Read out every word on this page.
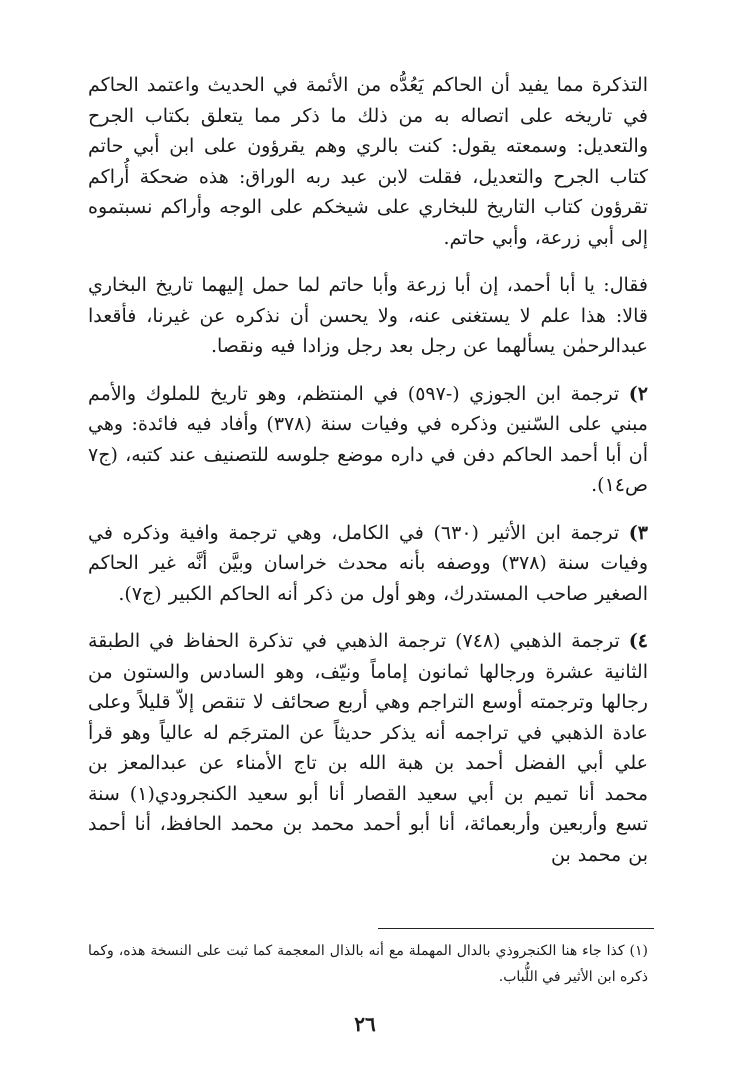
التذكرة مما يفيد أن الحاكم يَعُدُّه من الأئمة في الحديث واعتمد الحاكم في تاريخه على اتصاله به من ذلك ما ذكر مما يتعلق بكتاب الجرح والتعديل: وسمعته يقول: كنت بالري وهم يقرؤون على ابن أبي حاتم كتاب الجرح والتعديل، فقلت لابن عبد ربه الوراق: هذه ضحكة أُراكم تقرؤون كتاب التاريخ للبخاري على شيخكم على الوجه وأراكم نسبتموه إلى أبي زرعة، وأبي حاتم.

فقال: يا أبا أحمد، إن أبا زرعة وأبا حاتم لما حمل إليهما تاريخ البخاري قالا: هذا علم لا يستغنى عنه، ولا يحسن أن نذكره عن غيرنا، فأقعدا عبدالرحمٰن يسألهما عن رجل بعد رجل وزادا فيه ونقصا.

٢) ترجمة ابن الجوزي (-٥٩٧) في المنتظم، وهو تاريخ للملوك والأمم مبني على السّنين وذكره في وفيات سنة (٣٧٨) وأفاد فيه فائدة: وهي أن أبا أحمد الحاكم دفن في داره موضع جلوسه للتصنيف عند كتبه، (ج٧ ص١٤).

٣) ترجمة ابن الأثير (٦٣٠) في الكامل، وهي ترجمة وافية وذكره في وفيات سنة (٣٧٨) ووصفه بأنه محدث خراسان وبيَّن أنَّه غير الحاكم الصغير صاحب المستدرك، وهو أول من ذكر أنه الحاكم الكبير (ج٧).

٤) ترجمة الذهبي (٧٤٨) ترجمة الذهبي في تذكرة الحفاظ في الطبقة الثانية عشرة ورجالها ثمانون إماماً ونيّف، وهو السادس والستون من رجالها وترجمته أوسع التراجم وهي أربع صحائف لا تنقص إلاّ قليلاً وعلى عادة الذهبي في تراجمه أنه يذكر حديثاً عن المترجَم له عالياً وهو قرأ علي أبي الفضل أحمد بن هبة الله بن تاج الأمناء عن عبدالمعز بن محمد أنا تميم بن أبي سعيد القصار أنا أبو سعيد الكنجرودي(١) سنة تسع وأربعين وأربعمائة، أنا أبو أحمد محمد بن محمد الحافظ، أنا أحمد بن محمد بن

(١) كذا جاء هنا الكنجروذي بالدال المهملة مع أنه بالذال المعجمة كما ثبت على النسخة هذه، وكما ذكره ابن الأثير في اللُّباب.

٢٦
